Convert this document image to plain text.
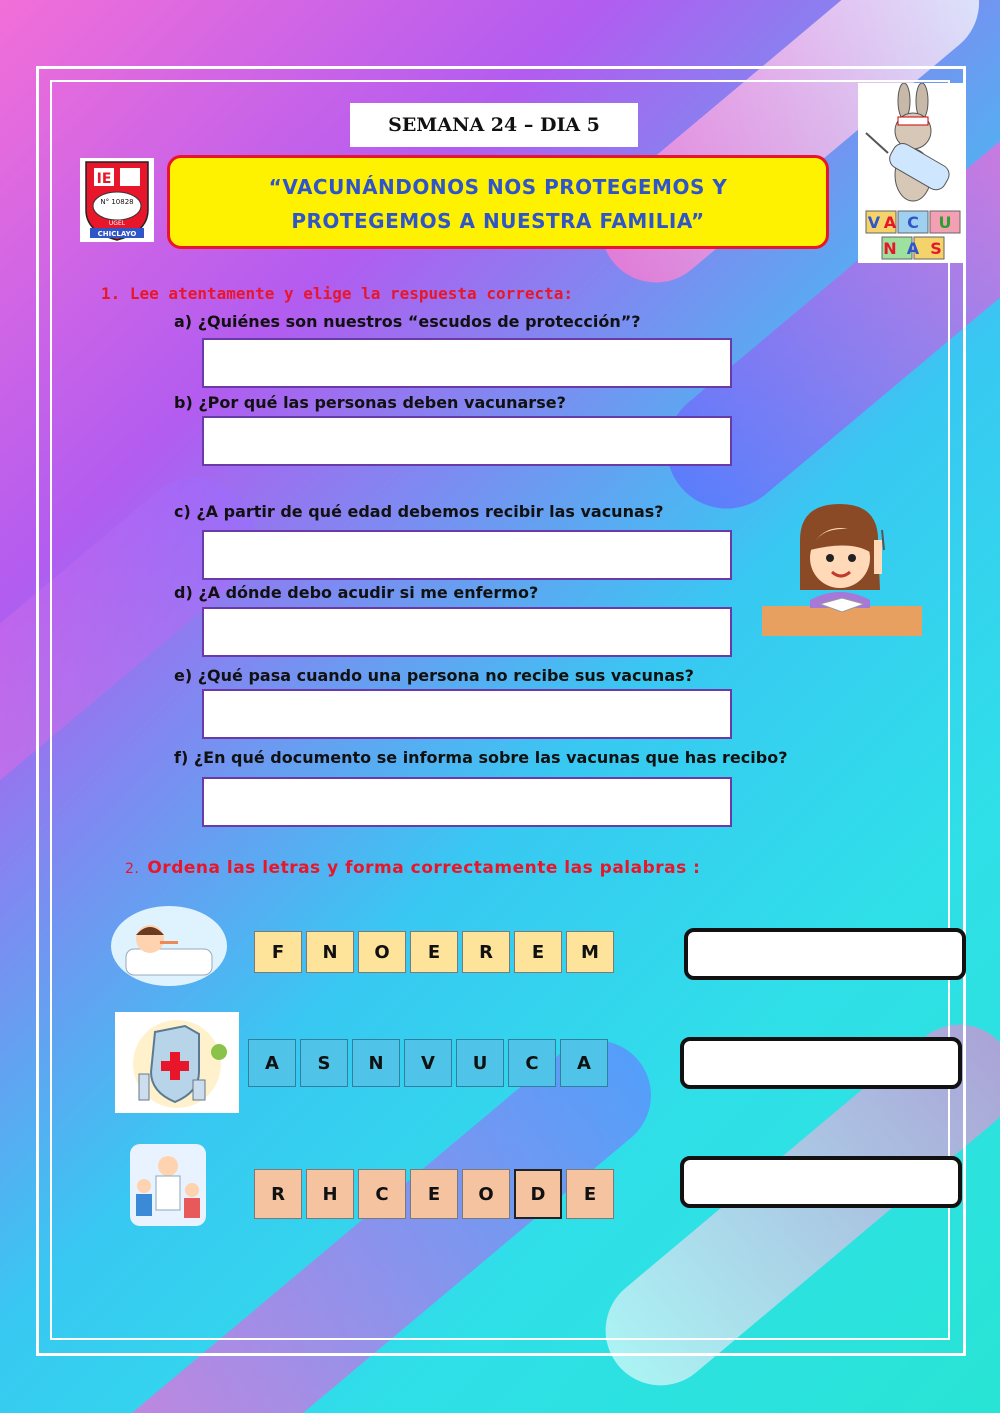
SEMANA 24 – DIA 5
IE
N° 10828
UGEL
CHICLAYO
“VACUNÁNDONOS NOS PROTEGEMOS Y
PROTEGEMOS A NUESTRA FAMILIA”	V A C U
N A S
1. Lee atentamente y elige la respuesta correcta:
a) ¿Quiénes son nuestros “escudos de protección”?
b) ¿Por qué las personas deben vacunarse?
c) ¿A partir de qué edad debemos recibir las vacunas?
d) ¿A dónde debo acudir si me enfermo?
e) ¿Qué pasa cuando una persona no recibe sus vacunas?
f) ¿En qué documento se informa sobre las vacunas que has recibo?
2. Ordena las letras y forma correctamente las palabras :
F	N	O	E	R	E	M
A	S	N	V	U	C	A
R	H	C	E	O	D	E
